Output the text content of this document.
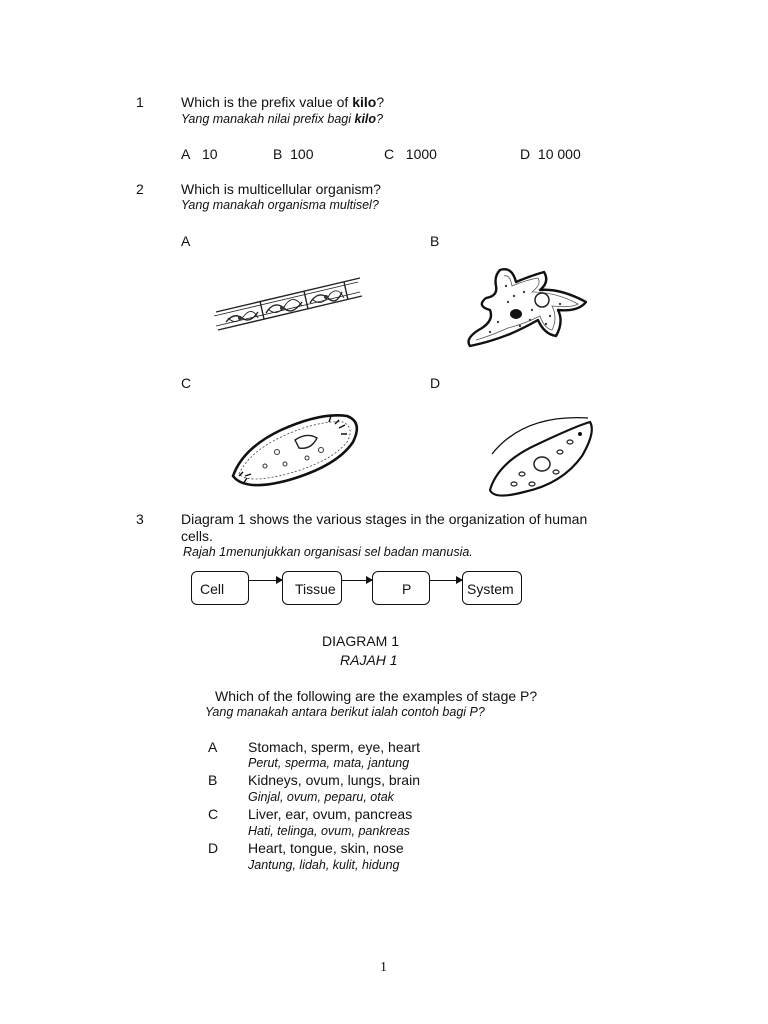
1	Which is the prefix value of kilo?
Yang manakah nilai prefix bagi kilo?
A 10	B 100	C 1000	D 10 000
2	Which is multicellular organism?
Yang manakah organisma multisel?
A	B
C	D
3	Diagram 1 shows the various stages in the organization of human
cells.
Rajah 1menunjukkan organisasi sel badan manusia.
Cell	Tissue	P	System
DIAGRAM 1
RAJAH 1
Which of the following are the examples of stage P?
Yang manakah antara berikut ialah contoh bagi P?
A Stomach, sperm, eye, heart
Perut, sperma, mata, jantung
B Kidneys, ovum, lungs, brain
Ginjal, ovum, peparu, otak
C Liver, ear, ovum, pancreas
Hati, telinga, ovum, pankreas
D Heart, tongue, skin, nose
Jantung, lidah, kulit, hidung
1
